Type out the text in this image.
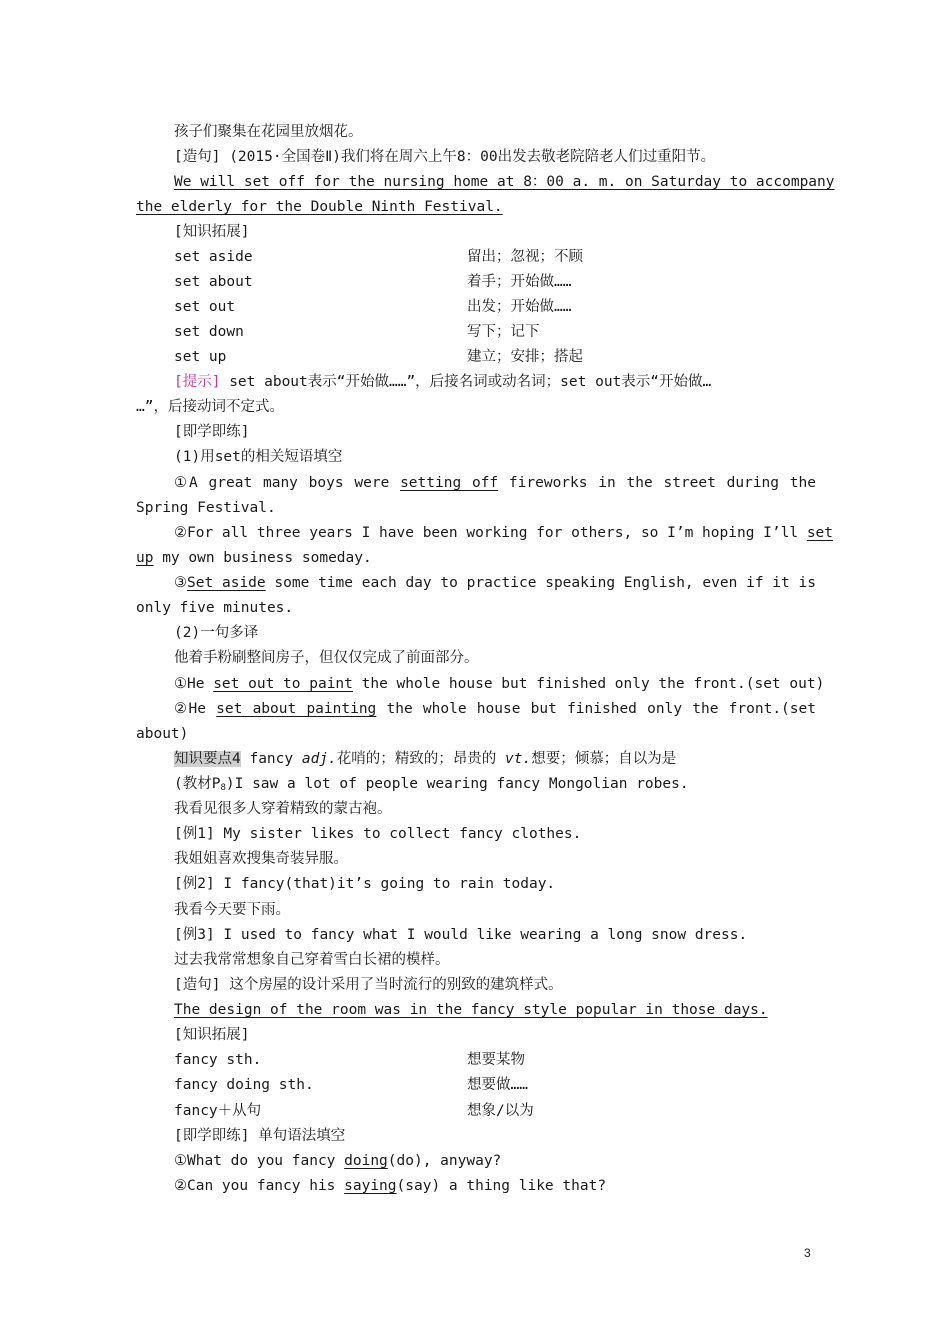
孩子们聚集在花园里放烟花。
[造句] (2015·全国卷Ⅱ)我们将在周六上午8：00出发去敬老院陪老人们过重阳节。
We will set off for the nursing home at 8：00 a. m. on Saturday to accompany
the elderly for the Double Ninth Festival.
[知识拓展]
set aside	留出；忽视；不顾
set about	着手；开始做……
set out	出发；开始做……
set down	写下；记下
set up	建立；安排；搭起
[提示] set about表示“开始做……”，后接名词或动名词；set out表示“开始做…
…”，后接动词不定式。
[即学即练]
(1)用set的相关短语填空
①A great many boys were setting off fireworks in the street during the
Spring Festival.
②For all three years I have been working for others, so I’m hoping I’ll set
up my own business someday.
③Set aside some time each day to practice speaking English, even if it is
only five minutes.
(2)一句多译
他着手粉刷整间房子，但仅仅完成了前面部分。
①He set out to paint the whole house but finished only the front.(set out)
②He set about painting the whole house but finished only the front.(set
about)
知识要点4 fancy adj.花哨的；精致的；昂贵的 vt.想要；倾慕；自以为是
(教材$P_8)I$ saw a lot of people wearing fancy Mongolian robes.
我看见很多人穿着精致的蒙古袍。
[例1] My sister likes to collect fancy clothes.
我姐姐喜欢搜集奇装异服。
[例2] I fancy(that)it’s going to rain today.
我看今天要下雨。
[例3] I used to fancy what I would like wearing a long snow dress.
过去我常常想象自己穿着雪白长裙的模样。
[造句] 这个房屋的设计采用了当时流行的别致的建筑样式。
The design of the room was in the fancy style popular in those days.
[知识拓展]
fancy sth.	想要某物
fancy doing sth.	想要做……
fancy＋从句	想象/以为
[即学即练] 单句语法填空
①What do you fancy doing(do), anyway?
②Can you fancy his saying(say) a thing like that?
3
